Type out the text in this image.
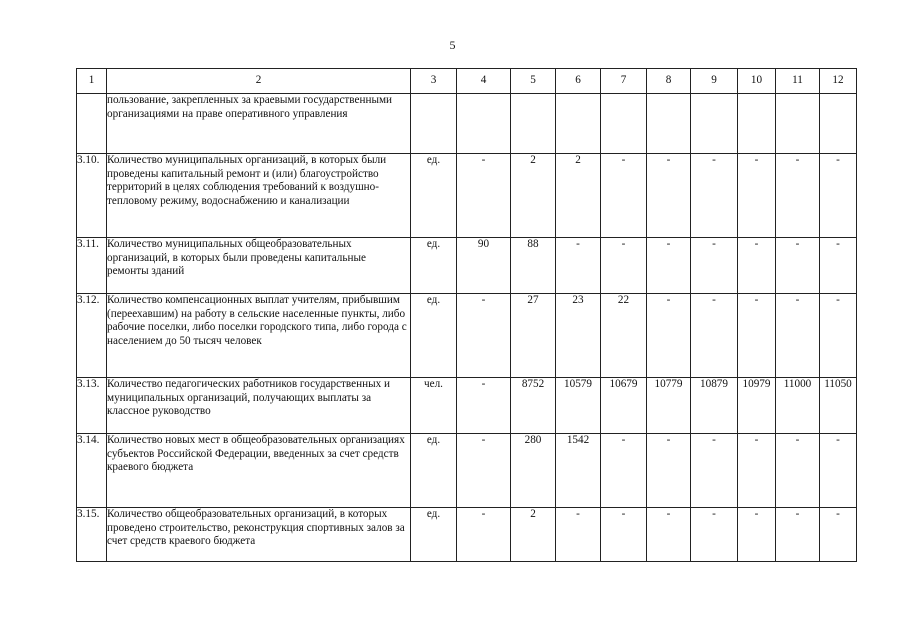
5
1	2	3	4	5	6	7	8	9	10	11	12
	пользование, закрепленных за краевыми государственными организациями на праве оперативного управления										
3.10.	Количество муниципальных организаций, в которых были проведены капитальный ремонт и (или) благоустройство территорий в целях соблюдения требований к воздушно-тепловому режиму, водоснабжению и канализации	ед.	-	2	2	-	-	-	-	-	-
3.11.	Количество муниципальных общеобразовательных организаций, в которых были проведены капитальные ремонты зданий	ед.	90	88	-	-	-	-	-	-	-
3.12.	Количество компенсационных выплат учителям, прибывшим (переехавшим) на работу в сельские населенные пункты, либо рабочие поселки, либо поселки городского типа, либо города с населением до 50 тысяч человек	ед.	-	27	23	22	-	-	-	-	-
3.13.	Количество педагогических работников государственных и муниципальных организаций, получающих выплаты за классное руководство	чел.	-	8752	10579	10679	10779	10879	10979	11000	11050
3.14.	Количество новых мест в общеобразовательных организациях субъектов Российской Федерации, введенных за счет средств краевого бюджета	ед.	-	280	1542	-	-	-	-	-	-
3.15.	Количество общеобразовательных организаций, в которых проведено строительство, реконструкция спортивных залов за счет средств краевого бюджета	ед.	-	2	-	-	-	-	-	-	-
